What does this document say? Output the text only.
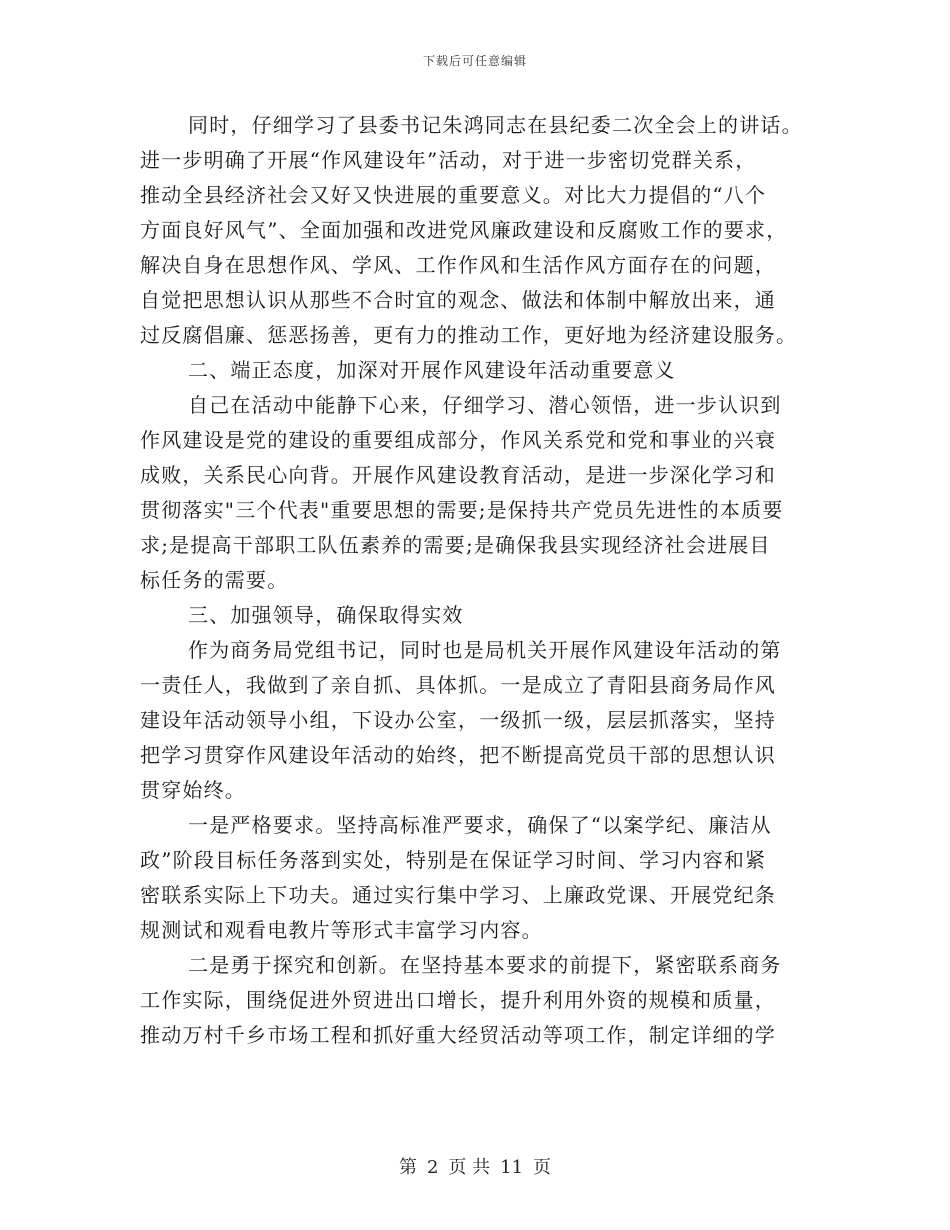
下载后可任意编辑

同时，仔细学习了县委书记朱鸿同志在县纪委二次全会上的讲话。
进一步明确了开展“作风建设年”活动，对于进一步密切党群关系，
推动全县经济社会又好又快进展的重要意义。对比大力提倡的“八个
方面良好风气”、全面加强和改进党风廉政建设和反腐败工作的要求，
解决自身在思想作风、学风、工作作风和生活作风方面存在的问题，
自觉把思想认识从那些不合时宜的观念、做法和体制中解放出来，通
过反腐倡廉、惩恶扬善，更有力的推动工作，更好地为经济建设服务。

二、端正态度，加深对开展作风建设年活动重要意义

自己在活动中能静下心来，仔细学习、潜心领悟，进一步认识到
作风建设是党的建设的重要组成部分，作风关系党和党和事业的兴衰
成败，关系民心向背。开展作风建设教育活动，是进一步深化学习和
贯彻落实"三个代表"重要思想的需要;是保持共产党员先进性的本质要
求;是提高干部职工队伍素养的需要;是确保我县实现经济社会进展目
标任务的需要。

三、加强领导，确保取得实效

作为商务局党组书记，同时也是局机关开展作风建设年活动的第
一责任人，我做到了亲自抓、具体抓。一是成立了青阳县商务局作风
建设年活动领导小组，下设办公室，一级抓一级，层层抓落实，坚持
把学习贯穿作风建设年活动的始终，把不断提高党员干部的思想认识
贯穿始终。

一是严格要求。坚持高标准严要求，确保了“以案学纪、廉洁从
政”阶段目标任务落到实处，特别是在保证学习时间、学习内容和紧
密联系实际上下功夫。通过实行集中学习、上廉政党课、开展党纪条
规测试和观看电教片等形式丰富学习内容。

二是勇于探究和创新。在坚持基本要求的前提下，紧密联系商务
工作实际，围绕促进外贸进出口增长，提升利用外资的规模和质量，
推动万村千乡市场工程和抓好重大经贸活动等项工作，制定详细的学

第 2 页 共 11 页
